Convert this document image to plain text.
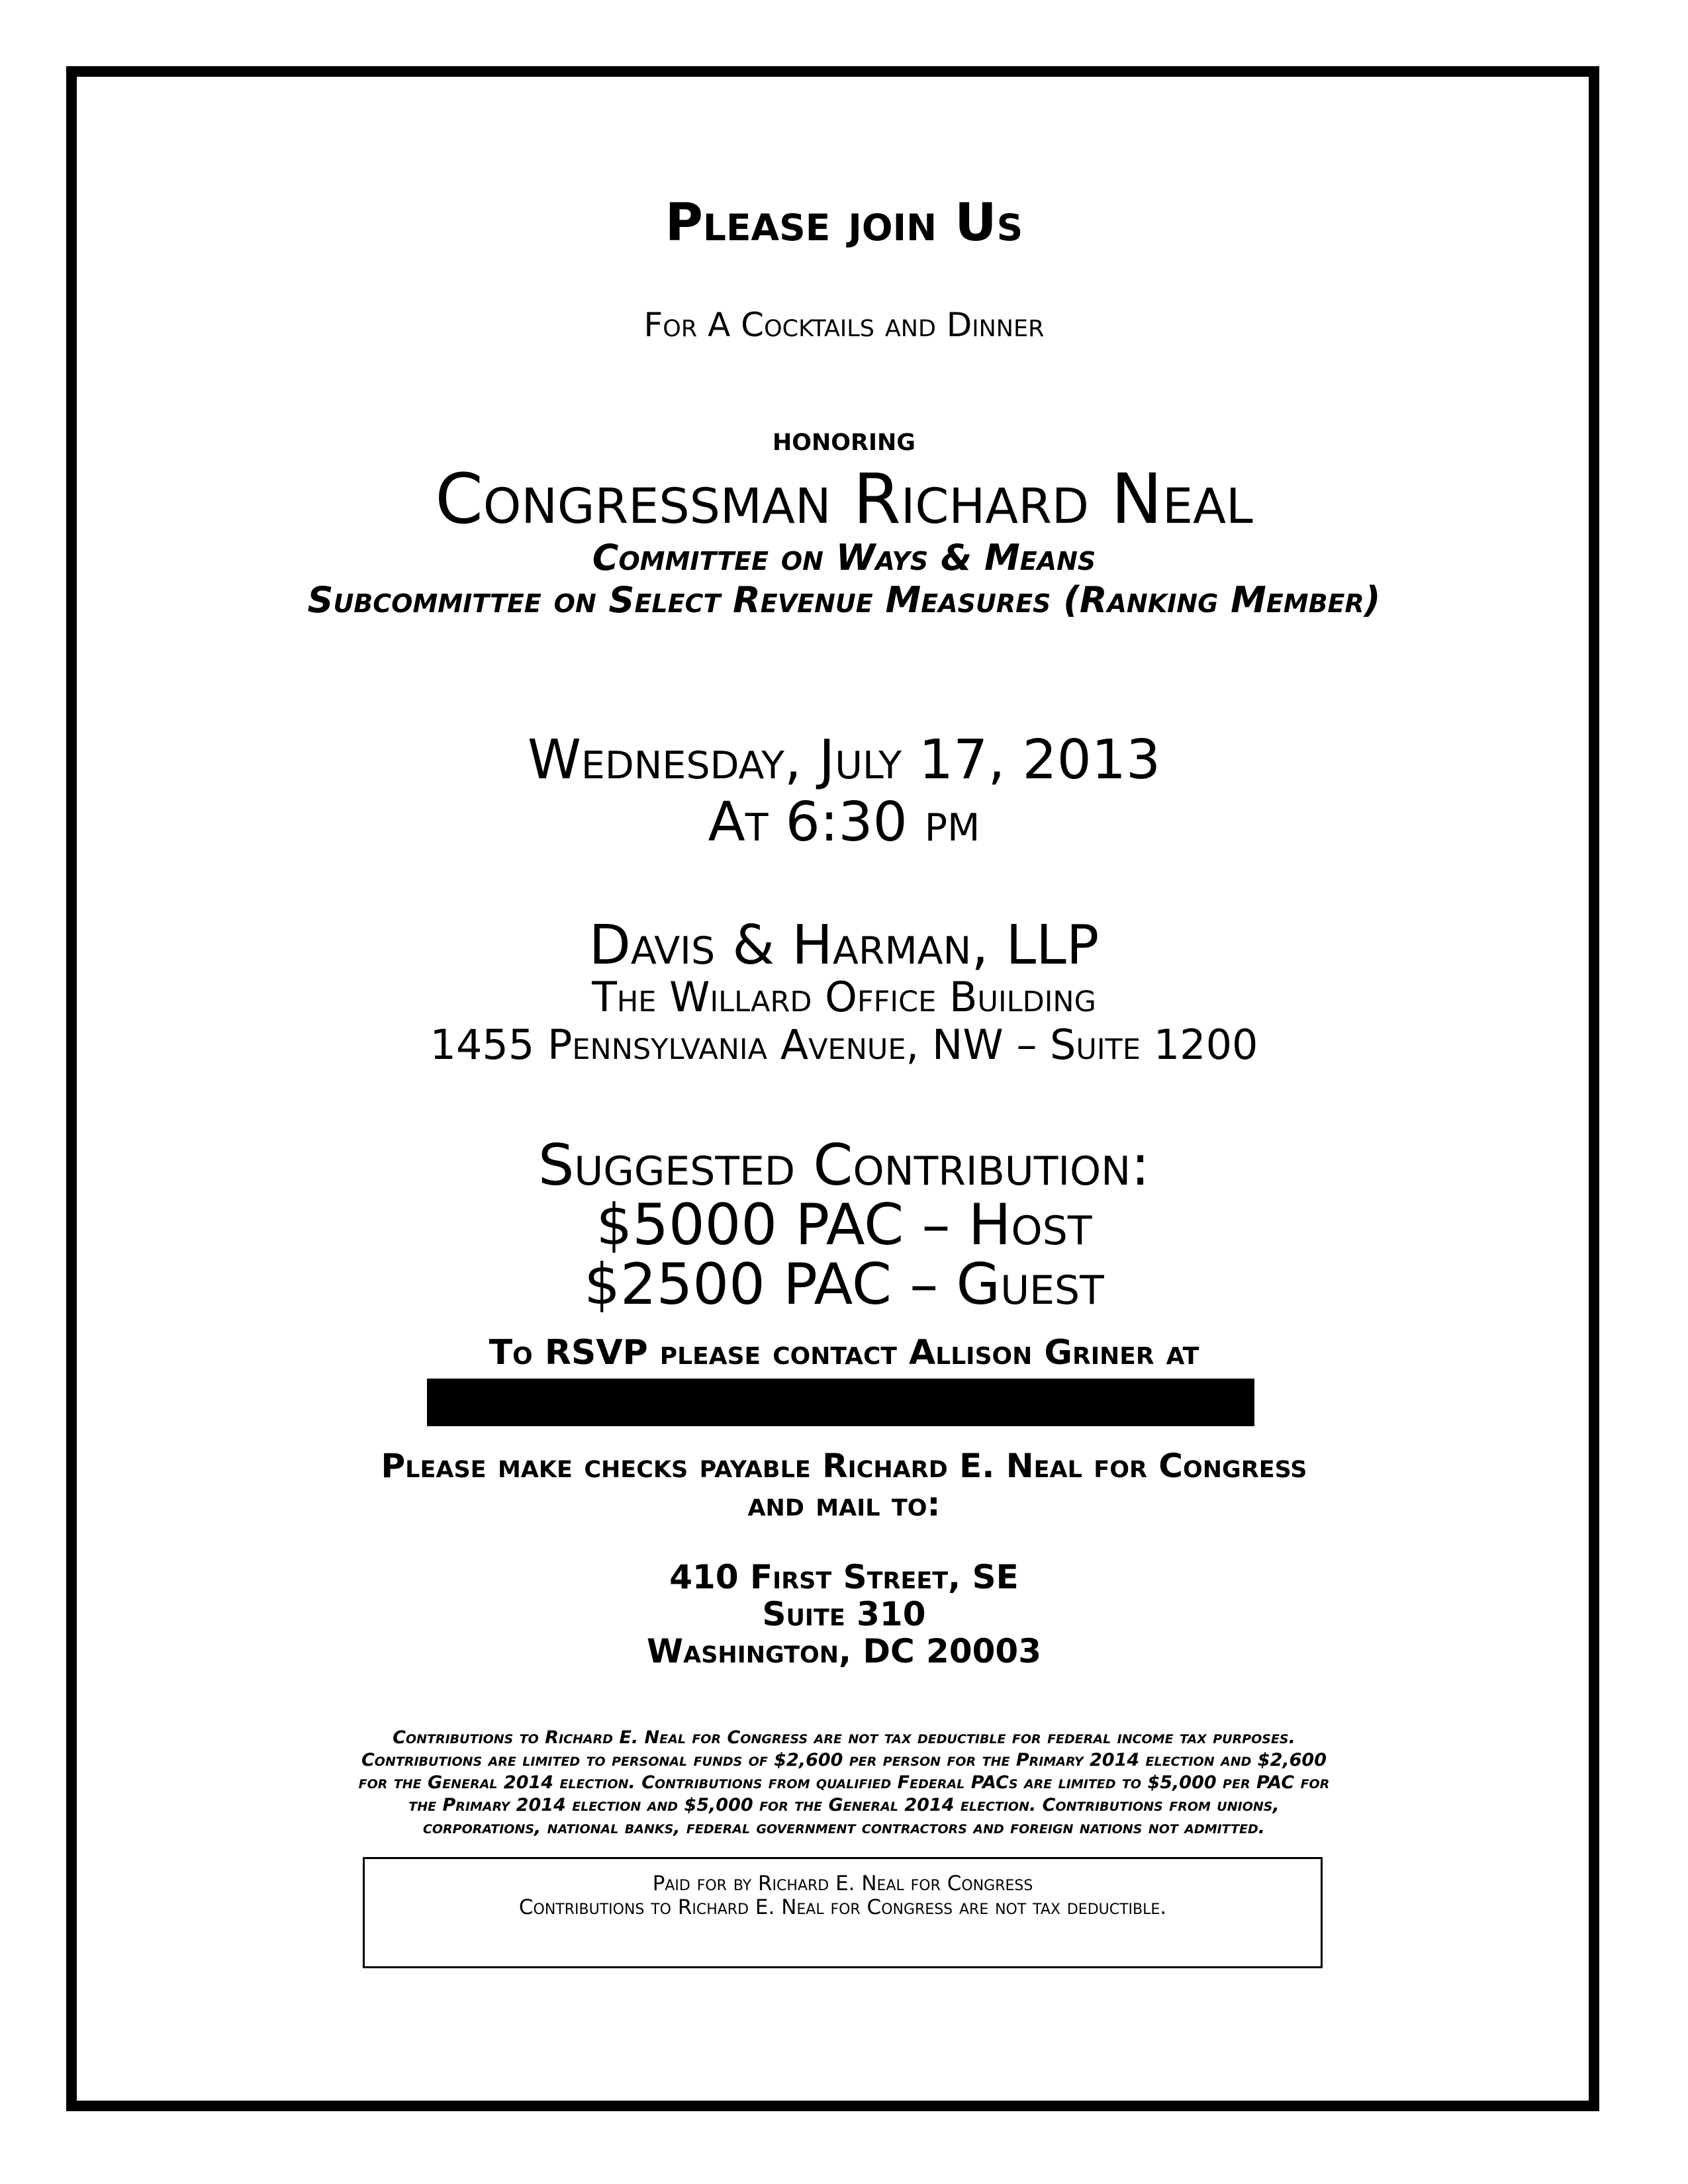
Please join Us

For A Cocktails and Dinner

honoring

Congressman Richard Neal

Committee on Ways & Means

Subcommittee on Select Revenue Measures (Ranking Member)

Wednesday, July 17, 2013

At 6:30 pm

Davis & Harman, LLP

The Willard Office Building

1455 Pennsylvania Avenue, NW – Suite 1200

Suggested Contribution:

$5000 PAC – Host

$2500 PAC – Guest

To RSVP please contact Allison Griner at

Please make checks payable Richard E. Neal for Congress

and mail to:

410 First Street, SE

Suite 310

Washington, DC 20003

Contributions to Richard E. Neal for Congress are not tax deductible for federal income tax purposes.
Contributions are limited to personal funds of $2,600 per person for the Primary 2014 election and $2,600
for the General 2014 election. Contributions from qualified Federal PACs are limited to $5,000 per PAC for
the Primary 2014 election and $5,000 for the General 2014 election. Contributions from unions,
corporations, national banks, federal government contractors and foreign nations not admitted.
Paid for by Richard E. Neal for Congress
Contributions to Richard E. Neal for Congress are not tax deductible.
